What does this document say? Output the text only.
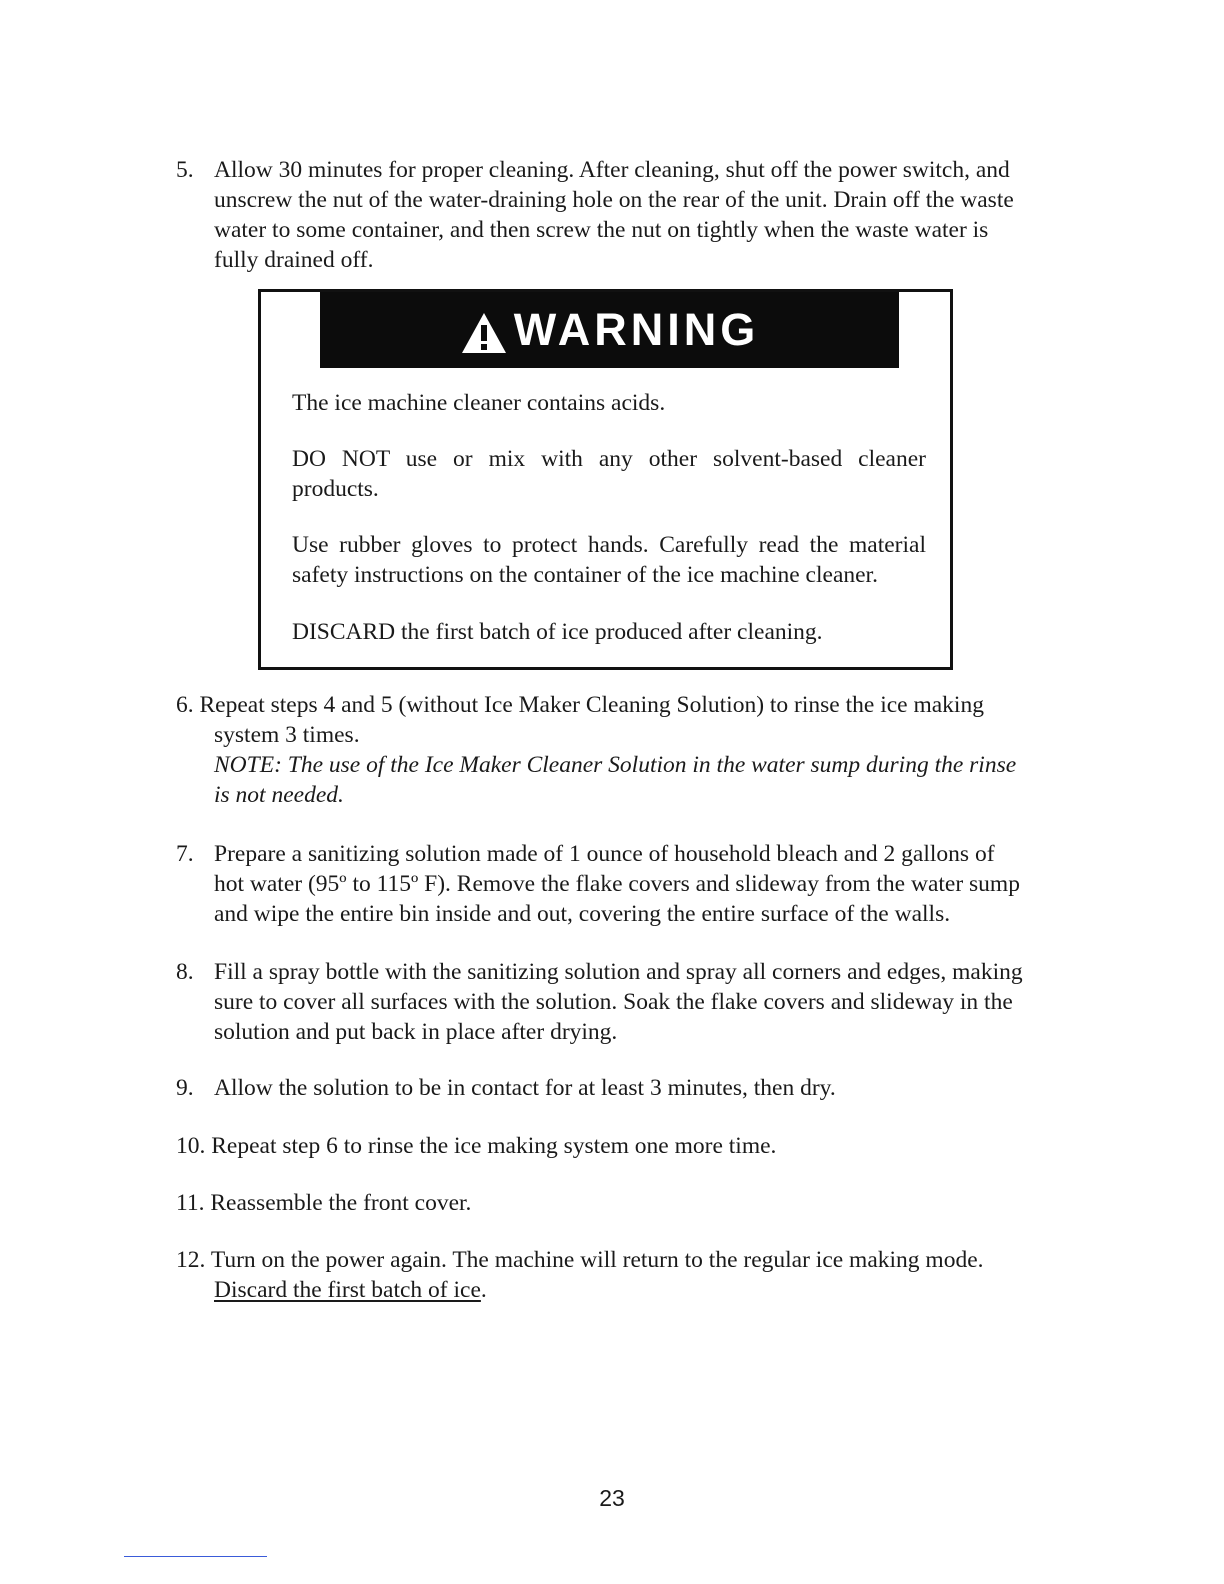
5. Allow 30 minutes for proper cleaning. After cleaning, shut off the power switch, and
unscrew the nut of the water-draining hole on the rear of the unit. Drain off the waste
water to some container, and then screw the nut on tightly when the waste water is
fully drained off.
WARNING
The ice machine cleaner contains acids.
DO NOT use or mix with any other solvent-based cleaner
products.
Use rubber gloves to protect hands. Carefully read the material
safety instructions on the container of the ice machine cleaner.
DISCARD the first batch of ice produced after cleaning.
6. Repeat steps 4 and 5 (without Ice Maker Cleaning Solution) to rinse the ice making
system 3 times.
NOTE: The use of the Ice Maker Cleaner Solution in the water sump during the rinse
is not needed.
7. Prepare a sanitizing solution made of 1 ounce of household bleach and 2 gallons of
hot water (95º to 115º F). Remove the flake covers and slideway from the water sump
and wipe the entire bin inside and out, covering the entire surface of the walls.
8. Fill a spray bottle with the sanitizing solution and spray all corners and edges, making
sure to cover all surfaces with the solution. Soak the flake covers and slideway in the
solution and put back in place after drying.
9. Allow the solution to be in contact for at least 3 minutes, then dry.
10. Repeat step 6 to rinse the ice making system one more time.
11. Reassemble the front cover.
12. Turn on the power again. The machine will return to the regular ice making mode.
Discard the first batch of ice.
23
